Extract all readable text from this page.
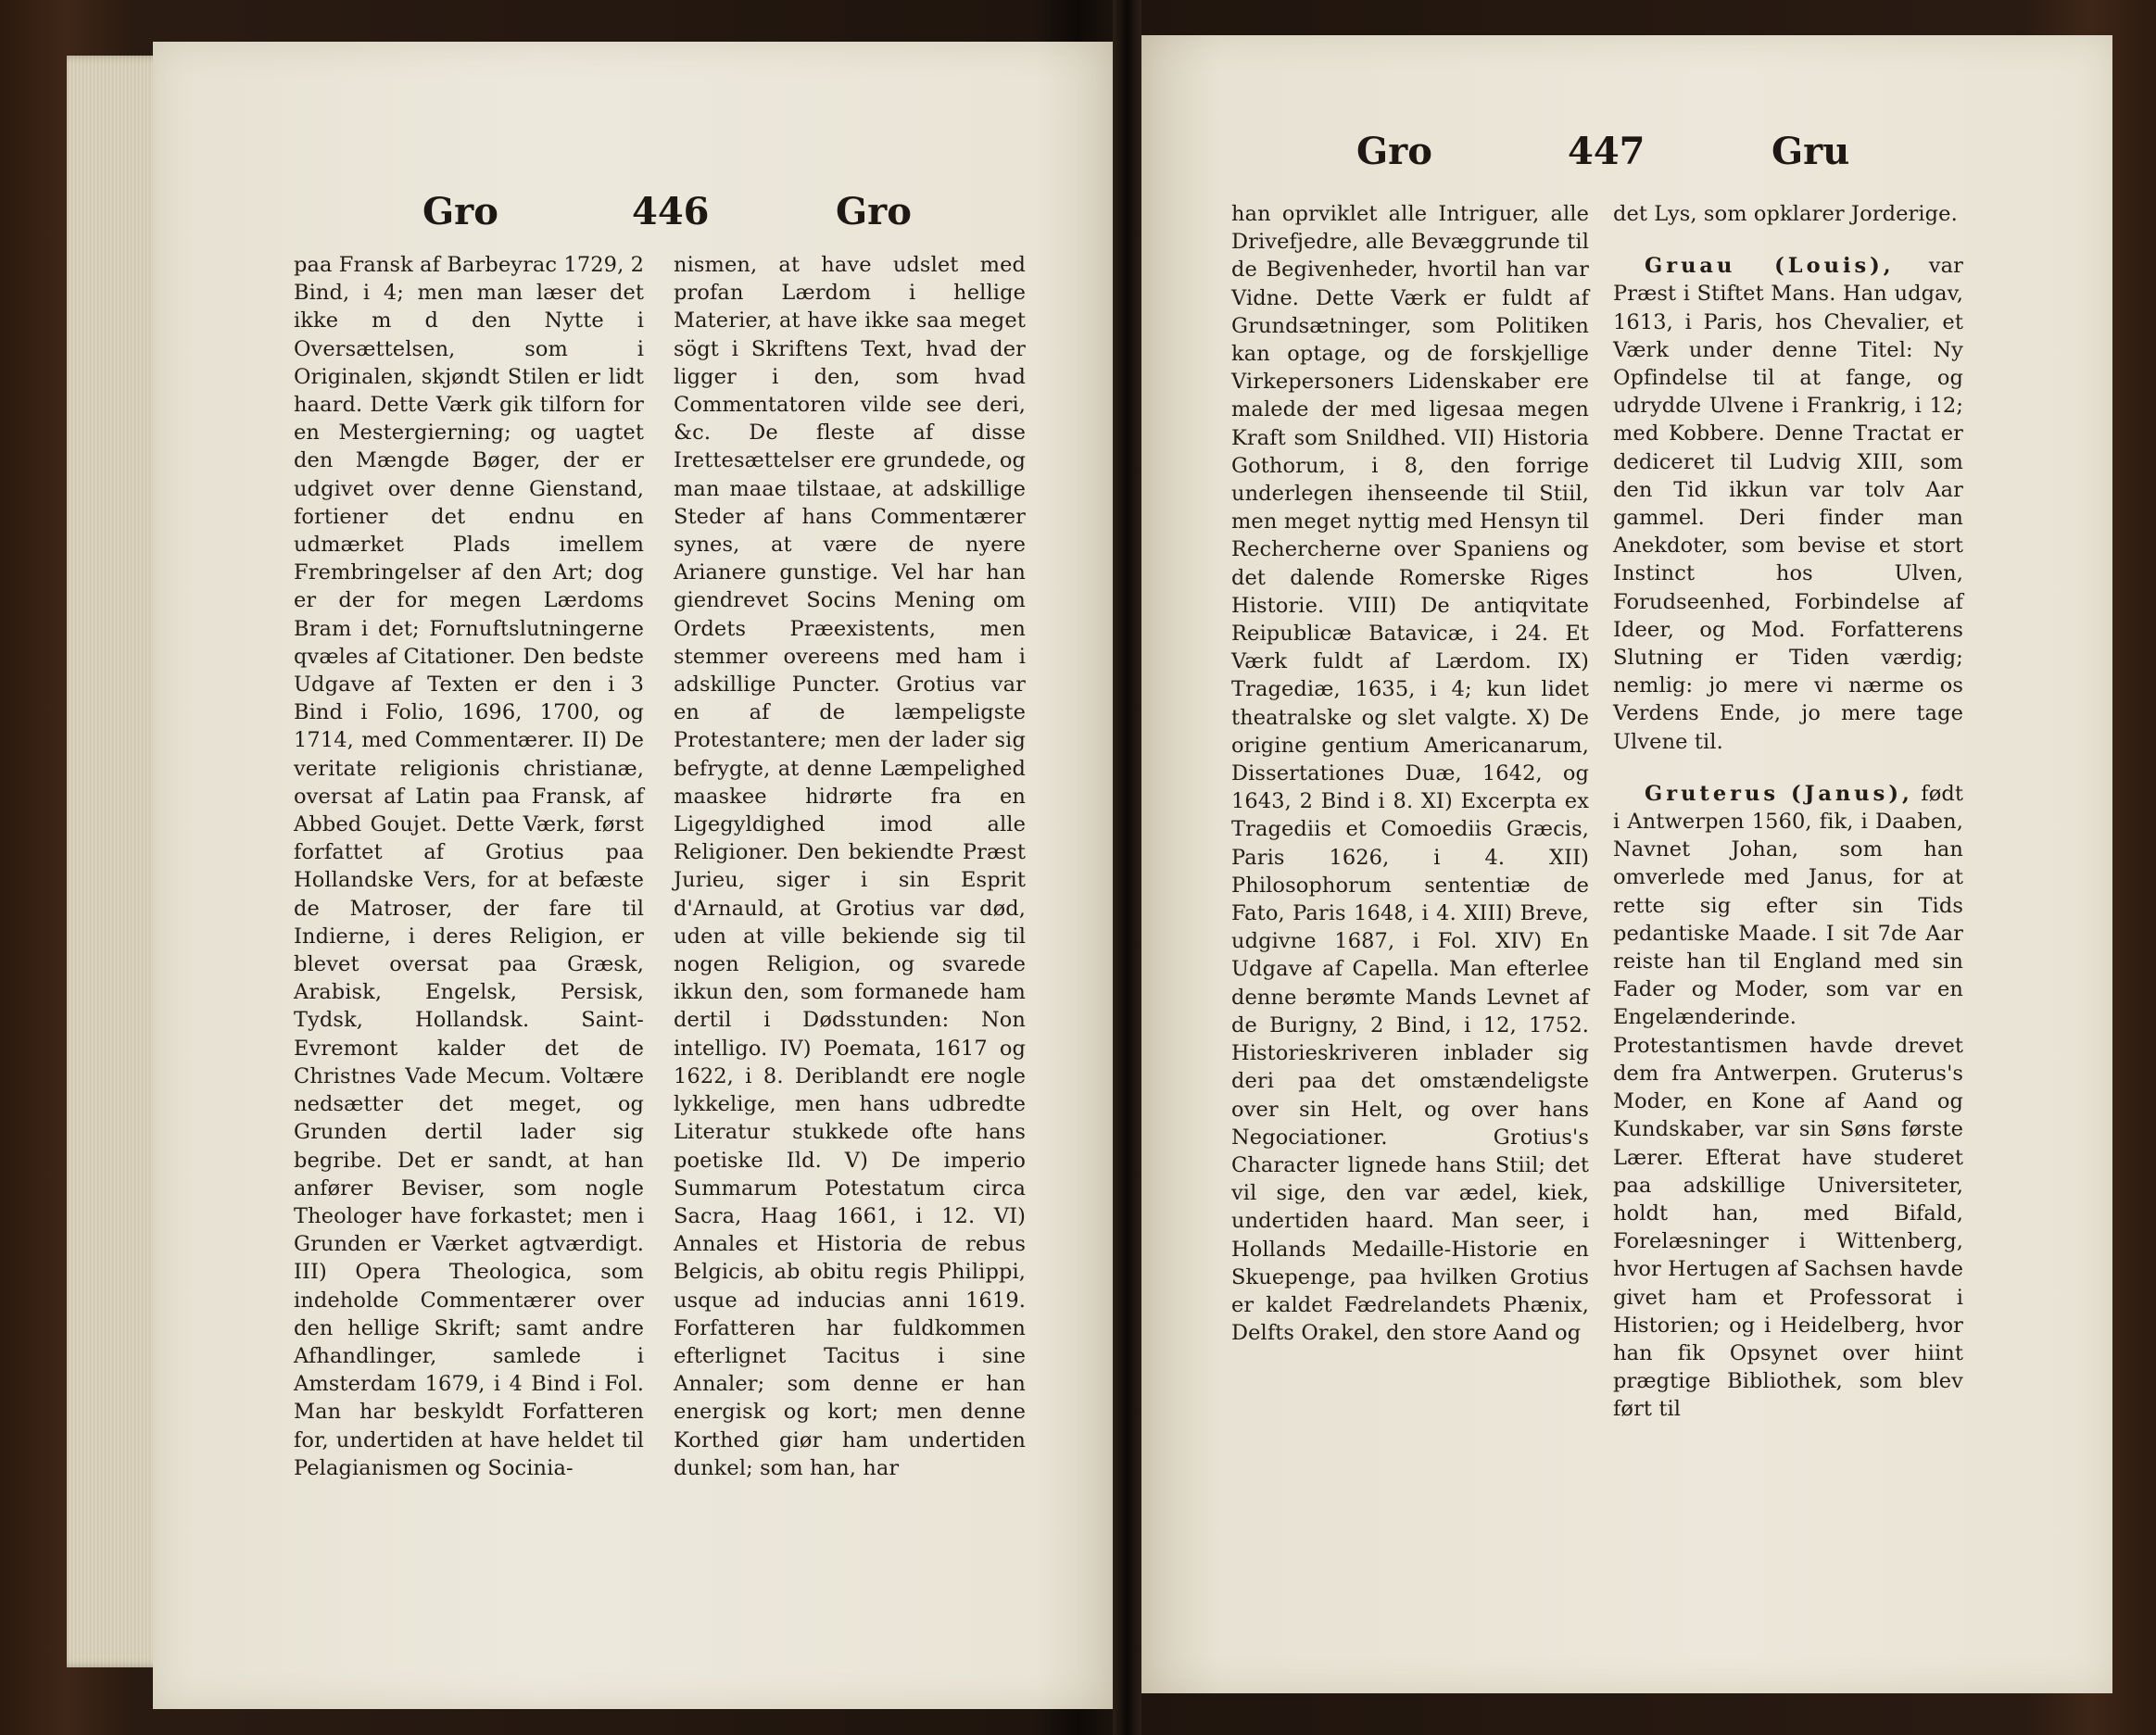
Gro	446	Gro

paa Fransk af Barbeyrac 1729, 2 Bind, i 4; men man læser det ikke m d den Nytte i Oversættelsen, som i Originalen, skjøndt Stilen er lidt haard. Dette Værk gik tilforn for en Mestergierning; og uagtet den Mængde Bøger, der er udgivet over denne Gienstand, fortiener det endnu en udmærket Plads imellem Frembringelser af den Art; dog er der for megen Lærdoms Bram i det; Fornuftslutningerne qvæles af Citationer. Den bedste Udgave af Texten er den i 3 Bind i Folio, 1696, 1700, og 1714, med Commentærer. II) De veritate religionis christianæ, oversat af Latin paa Fransk, af Abbed Goujet. Dette Værk, først forfattet af Grotius paa Hollandske Vers, for at befæste de Matroser, der fare til Indierne, i deres Religion, er blevet oversat paa Græsk, Arabisk, Engelsk, Persisk, Tydsk, Hollandsk. Saint-Evremont kalder det de Christnes Vade Mecum. Voltære nedsætter det meget, og Grunden dertil lader sig begribe. Det er sandt, at han anfører Beviser, som nogle Theologer have forkastet; men i Grunden er Værket agtværdigt. III) Opera Theologica, som indeholde Commentærer over den hellige Skrift; samt andre Afhandlinger, samlede i Amsterdam 1679, i 4 Bind i Fol. Man har beskyldt Forfatteren for, undertiden at have heldet til Pelagianismen og Socinia-

nismen, at have udslet med profan Lærdom i hellige Materier, at have ikke saa meget sögt i Skriftens Text, hvad der ligger i den, som hvad Commentatoren vilde see deri, &c. De fleste af disse Irettesættelser ere grundede, og man maae tilstaae, at adskillige Steder af hans Commentærer synes, at være de nyere Arianere gunstige. Vel har han giendrevet Socins Mening om Ordets Præexistents, men stemmer overeens med ham i adskillige Puncter. Grotius var en af de læmpeligste Protestantere; men der lader sig befrygte, at denne Læmpelighed maaskee hidrørte fra en Ligegyldighed imod alle Religioner. Den bekiendte Præst Jurieu, siger i sin Esprit d'Arnauld, at Grotius var død, uden at ville bekiende sig til nogen Religion, og svarede ikkun den, som formanede ham dertil i Dødsstunden: Non intelligo. IV) Poemata, 1617 og 1622, i 8. Deriblandt ere nogle lykkelige, men hans udbredte Literatur stukkede ofte hans poetiske Ild. V) De imperio Summarum Potestatum circa Sacra, Haag 1661, i 12. VI) Annales et Historia de rebus Belgicis, ab obitu regis Philippi, usque ad inducias anni 1619. Forfatteren har fuldkommen efterlignet Tacitus i sine Annaler; som denne er han energisk og kort; men denne Korthed giør ham undertiden dunkel; som han, har

Gro	447	Gru

han oprviklet alle Intriguer, alle Drivefjedre, alle Bevæggrunde til de Begivenheder, hvortil han var Vidne. Dette Værk er fuldt af Grundsætninger, som Politiken kan optage, og de forskjellige Virkepersoners Lidenskaber ere malede der med ligesaa megen Kraft som Snildhed. VII) Historia Gothorum, i 8, den forrige underlegen ihenseende til Stiil, men meget nyttig med Hensyn til Rechercherne over Spaniens og det dalende Romerske Riges Historie. VIII) De antiqvitate Reipublicæ Batavicæ, i 24. Et Værk fuldt af Lærdom. IX) Tragediæ, 1635, i 4; kun lidet theatralske og slet valgte. X) De origine gentium Americanarum, Dissertationes Duæ, 1642, og 1643, 2 Bind i 8. XI) Excerpta ex Tragediis et Comoediis Græcis, Paris 1626, i 4. XII) Philosophorum sententiæ de Fato, Paris 1648, i 4. XIII) Breve, udgivne 1687, i Fol. XIV) En Udgave af Capella. Man efterlee denne berømte Mands Levnet af de Burigny, 2 Bind, i 12, 1752. Historieskriveren inblader sig deri paa det omstændeligste over sin Helt, og over hans Negociationer. Grotius's Character lignede hans Stiil; det vil sige, den var ædel, kiek, undertiden haard. Man seer, i Hollands Medaille-Historie en Skuepenge, paa hvilken Grotius er kaldet Fædrelandets Phænix, Delfts Orakel, den store Aand og

det Lys, som opklarer Jorderige.

Gruau (Louis), var Præst i Stiftet Mans. Han udgav, 1613, i Paris, hos Chevalier, et Værk under denne Titel: Ny Opfindelse til at fange, og udrydde Ulvene i Frankrig, i 12; med Kobbere. Denne Tractat er dediceret til Ludvig XIII, som den Tid ikkun var tolv Aar gammel. Deri finder man Anekdoter, som bevise et stort Instinct hos Ulven, Forudseenhed, Forbindelse af Ideer, og Mod. Forfatterens Slutning er Tiden værdig; nemlig: jo mere vi nærme os Verdens Ende, jo mere tage Ulvene til.

Gruterus (Janus), født i Antwerpen 1560, fik, i Daaben, Navnet Johan, som han omverlede med Janus, for at rette sig efter sin Tids pedantiske Maade. I sit 7de Aar reiste han til England med sin Fader og Moder, som var en Engelænderinde. Protestantismen havde drevet dem fra Antwerpen. Gruterus's Moder, en Kone af Aand og Kundskaber, var sin Søns første Lærer. Efterat have studeret paa adskillige Universiteter, holdt han, med Bifald, Forelæsninger i Wittenberg, hvor Hertugen af Sachsen havde givet ham et Professorat i Historien; og i Heidelberg, hvor han fik Opsynet over hiint prægtige Bibliothek, som blev ført til
